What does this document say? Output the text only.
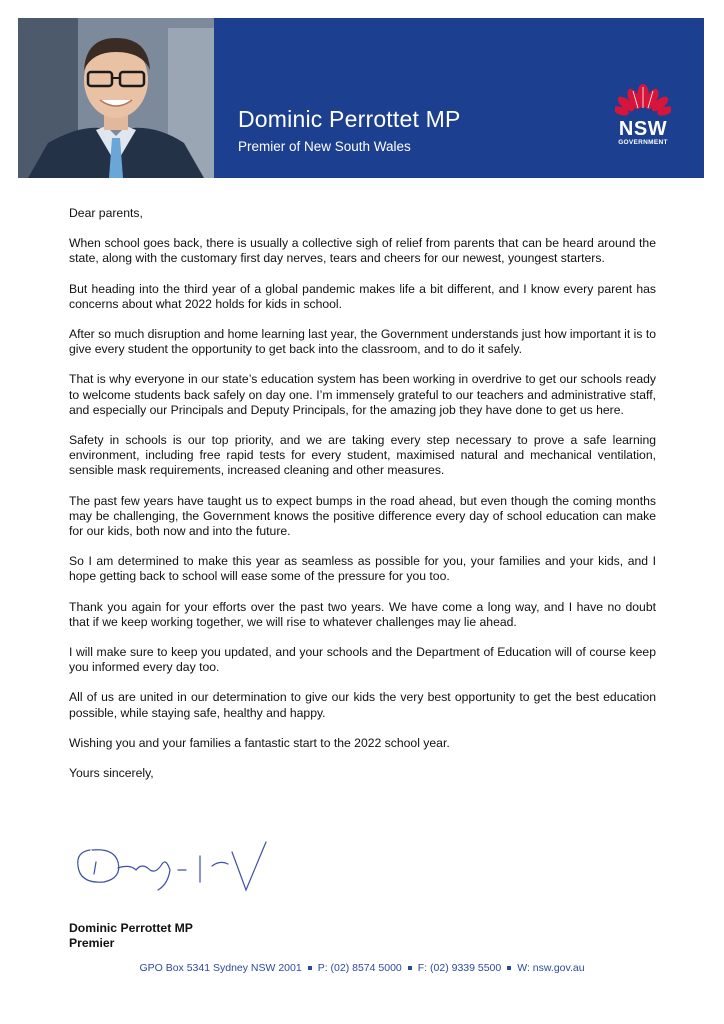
Dominic Perrottet MP
Premier of New South Wales
NSW
GOVERNMENT

Dear parents,

When school goes back, there is usually a collective sigh of relief from parents that can be heard around the state, along with the customary first day nerves, tears and cheers for our newest, youngest starters.

But heading into the third year of a global pandemic makes life a bit different, and I know every parent has concerns about what 2022 holds for kids in school.

After so much disruption and home learning last year, the Government understands just how important it is to give every student the opportunity to get back into the classroom, and to do it safely.

That is why everyone in our state’s education system has been working in overdrive to get our schools ready to welcome students back safely on day one. I’m immensely grateful to our teachers and administrative staff, and especially our Principals and Deputy Principals, for the amazing job they have done to get us here.

Safety in schools is our top priority, and we are taking every step necessary to prove a safe learning environment, including free rapid tests for every student, maximised natural and mechanical ventilation, sensible mask requirements, increased cleaning and other measures.

The past few years have taught us to expect bumps in the road ahead, but even though the coming months may be challenging, the Government knows the positive difference every day of school education can make for our kids, both now and into the future.

So I am determined to make this year as seamless as possible for you, your families and your kids, and I hope getting back to school will ease some of the pressure for you too.

Thank you again for your efforts over the past two years. We have come a long way, and I have no doubt that if we keep working together, we will rise to whatever challenges may lie ahead.

I will make sure to keep you updated, and your schools and the Department of Education will of course keep you informed every day too.

All of us are united in our determination to give our kids the very best opportunity to get the best education possible, while staying safe, healthy and happy.

Wishing you and your families a fantastic start to the 2022 school year.

Yours sincerely,

Dominic Perrottet MP
Premier
GPO Box 5341 Sydney NSW 2001 P: (02) 8574 5000 F: (02) 9339 5500 W: nsw.gov.au
